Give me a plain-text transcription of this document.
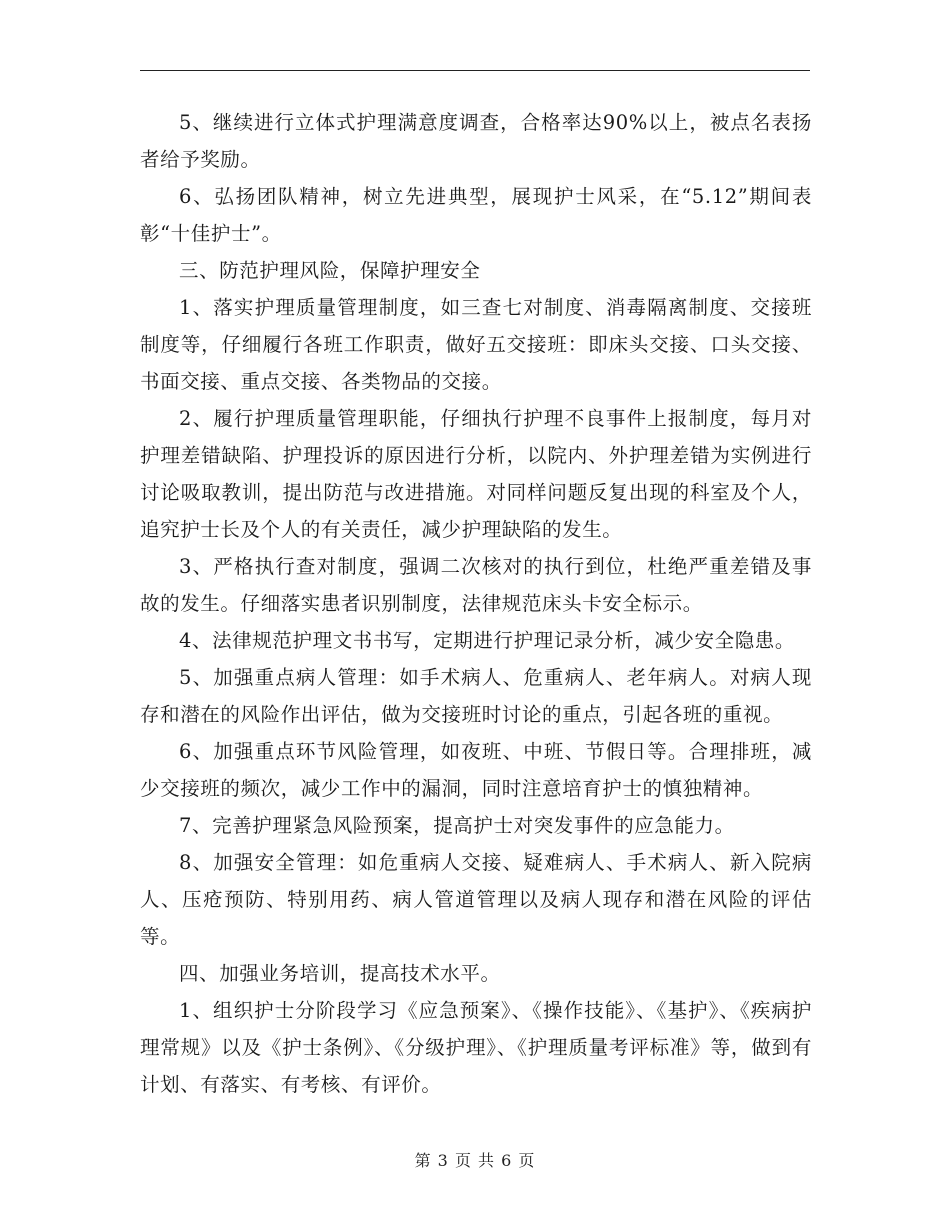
5、继续进行立体式护理满意度调查，合格率达90%以上，被点名表扬者给予奖励。

6、弘扬团队精神，树立先进典型，展现护士风采，在“5.12”期间表彰“十佳护士”。

三、防范护理风险，保障护理安全

1、落实护理质量管理制度，如三查七对制度、消毒隔离制度、交接班制度等，仔细履行各班工作职责，做好五交接班：即床头交接、口头交接、书面交接、重点交接、各类物品的交接。

2、履行护理质量管理职能，仔细执行护理不良事件上报制度，每月对护理差错缺陷、护理投诉的原因进行分析，以院内、外护理差错为实例进行讨论吸取教训，提出防范与改进措施。对同样问题反复出现的科室及个人，追究护士长及个人的有关责任，减少护理缺陷的发生。

3、严格执行查对制度，强调二次核对的执行到位，杜绝严重差错及事故的发生。仔细落实患者识别制度，法律规范床头卡安全标示。

4、法律规范护理文书书写，定期进行护理记录分析，减少安全隐患。

5、加强重点病人管理：如手术病人、危重病人、老年病人。对病人现存和潜在的风险作出评估，做为交接班时讨论的重点，引起各班的重视。

6、加强重点环节风险管理，如夜班、中班、节假日等。合理排班，减少交接班的频次，减少工作中的漏洞，同时注意培育护士的慎独精神。

7、完善护理紧急风险预案，提高护士对突发事件的应急能力。

8、加强安全管理：如危重病人交接、疑难病人、手术病人、新入院病人、压疮预防、特别用药、病人管道管理以及病人现存和潜在风险的评估等。

四、加强业务培训，提高技术水平。

1、组织护士分阶段学习《应急预案》、《操作技能》、《基护》、《疾病护理常规》以及《护士条例》、《分级护理》、《护理质量考评标准》等，做到有计划、有落实、有考核、有评价。

第 3 页 共 6 页
